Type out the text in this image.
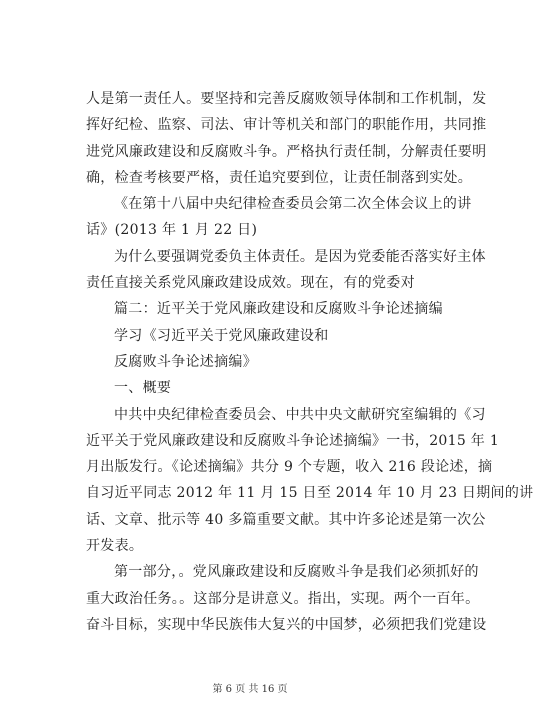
人是第一责任人。要坚持和完善反腐败领导体制和工作机制，发
挥好纪检、监察、司法、审计等机关和部门的职能作用，共同推
进党风廉政建设和反腐败斗争。严格执行责任制，分解责任要明
确，检查考核要严格，责任追究要到位，让责任制落到实处。
《在第十八届中央纪律检查委员会第二次全体会议上的讲
话》(2013 年 1 月 22 日)
为什么要强调党委负主体责任。是因为党委能否落实好主体
责任直接关系党风廉政建设成效。现在，有的党委对
篇二：近平关于党风廉政建设和反腐败斗争论述摘编
学习《习近平关于党风廉政建设和
反腐败斗争论述摘编》
一、概要
中共中央纪律检查委员会、中共中央文献研究室编辑的《习
近平关于党风廉政建设和反腐败斗争论述摘编》一书，2015 年 1
月出版发行。《论述摘编》共分 9 个专题，收入 216 段论述，摘
自习近平同志 2012 年 11 月 15 日至 2014 年 10 月 23 日期间的讲
话、文章、批示等 40 多篇重要文献。其中许多论述是第一次公
开发表。
第一部分，。党风廉政建设和反腐败斗争是我们必须抓好的
重大政治任务。。这部分是讲意义。指出，实现。两个一百年。
奋斗目标，实现中华民族伟大复兴的中国梦，必须把我们党建设
第 6 页 共 16 页
